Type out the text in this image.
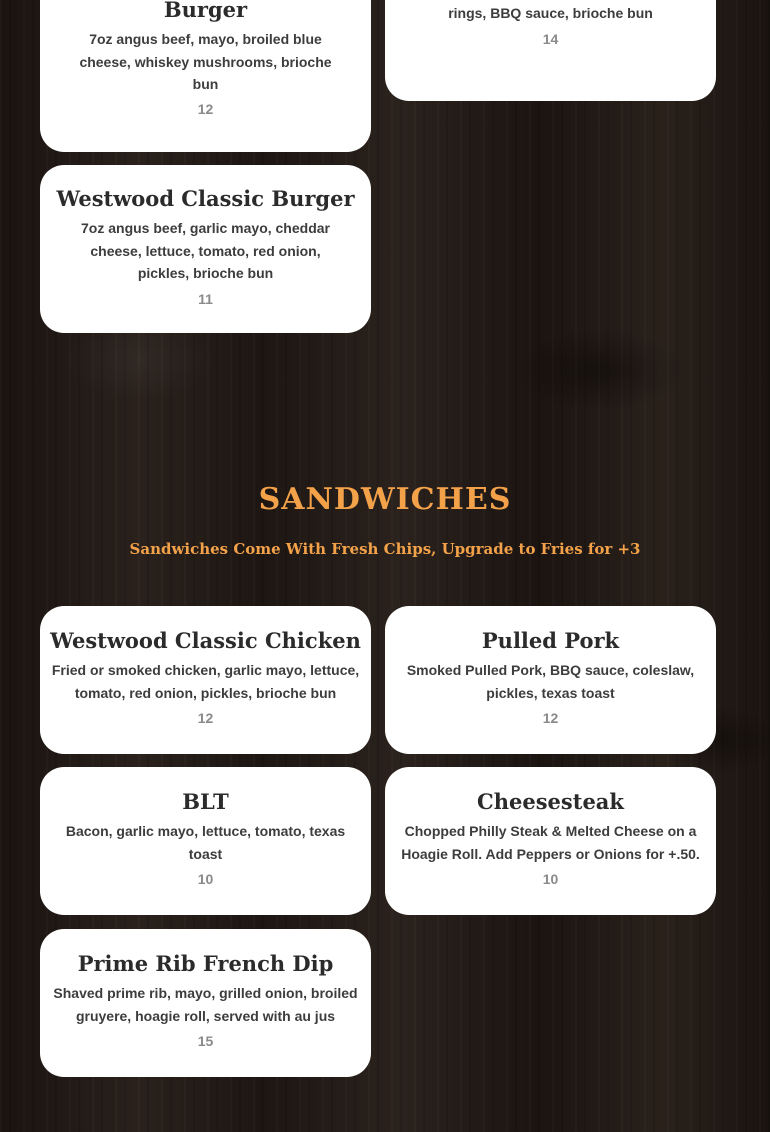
Burger
7oz angus beef, mayo, broiled blue cheese, whiskey mushrooms, brioche bun
12
rings, BBQ sauce, brioche bun
14
Westwood Classic Burger
7oz angus beef, garlic mayo, cheddar cheese, lettuce, tomato, red onion, pickles, brioche bun
11
SANDWICHES
Sandwiches Come With Fresh Chips, Upgrade to Fries for +3
Westwood Classic Chicken
Fried or smoked chicken, garlic mayo, lettuce, tomato, red onion, pickles, brioche bun
12
Pulled Pork
Smoked Pulled Pork, BBQ sauce, coleslaw, pickles, texas toast
12
BLT
Bacon, garlic mayo, lettuce, tomato, texas toast
10
Cheesesteak
Chopped Philly Steak & Melted Cheese on a Hoagie Roll. Add Peppers or Onions for +.50.
10
Prime Rib French Dip
Shaved prime rib, mayo, grilled onion, broiled gruyere, hoagie roll, served with au jus
15
